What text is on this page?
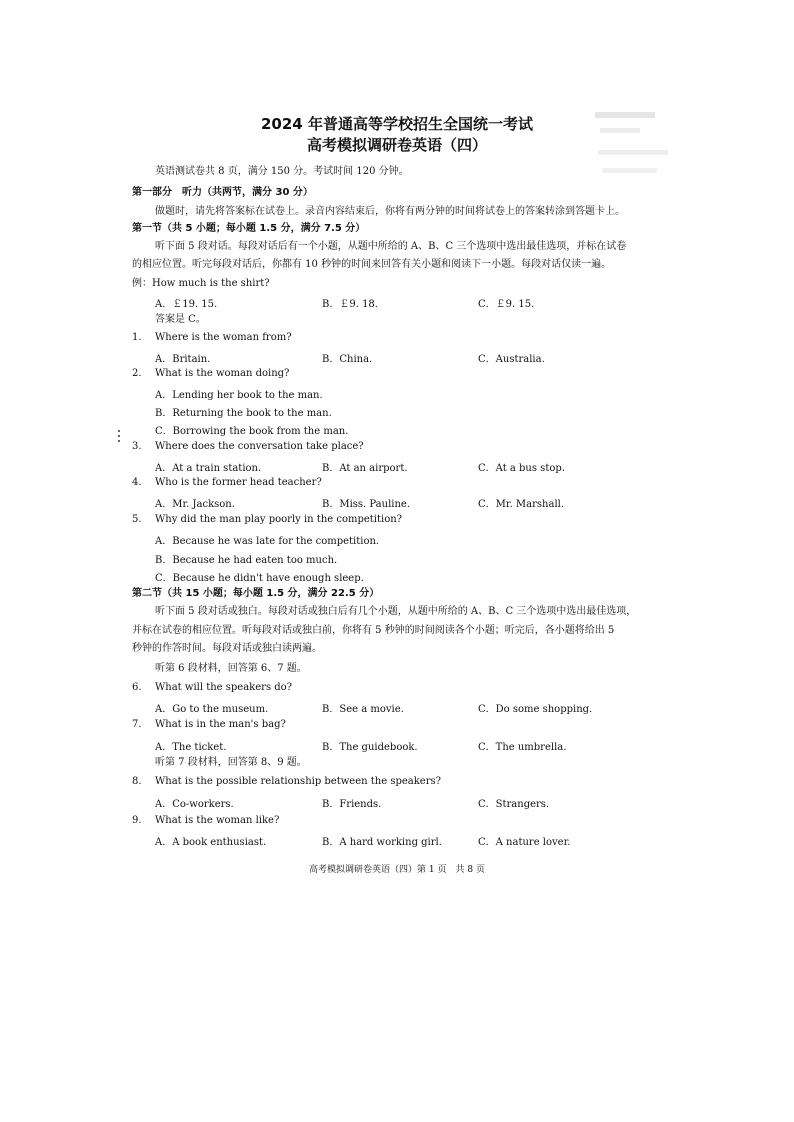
2024 年普通高等学校招生全国统一考试
高考模拟调研卷英语（四）
英语测试卷共 8 页，满分 150 分。考试时间 120 分钟。
第一部分　听力（共两节，满分 30 分）
做题时，请先将答案标在试卷上。录音内容结束后，你将有两分钟的时间将试卷上的答案转涂到答题卡上。
第一节（共 5 小题；每小题 1.5 分，满分 7.5 分）
听下面 5 段对话。每段对话后有一个小题，从题中所给的 A、B、C 三个选项中选出最佳选项，并标在试卷
的相应位置。听完每段对话后，你都有 10 秒钟的时间来回答有关小题和阅读下一小题。每段对话仅读一遍。
例：How much is the shirt?
A．￡19. 15.	B．￡9. 18.	C．￡9. 15.
答案是 C。
1. Where is the woman from?
A．Britain.	B．China.	C．Australia.
2. What is the woman doing?
A．Lending her book to the man.
B．Returning the book to the man.
C．Borrowing the book from the man.
3. Where does the conversation take place?
A．At a train station.	B．At an airport.	C．At a bus stop.
4. Who is the former head teacher?
A．Mr. Jackson.	B．Miss. Pauline.	C．Mr. Marshall.
5. Why did the man play poorly in the competition?
A．Because he was late for the competition.
B．Because he had eaten too much.
C．Because he didn't have enough sleep.
第二节（共 15 小题；每小题 1.5 分，满分 22.5 分）
听下面 5 段对话或独白。每段对话或独白后有几个小题，从题中所给的 A、B、C 三个选项中选出最佳选项，
并标在试卷的相应位置。听每段对话或独白前，你将有 5 秒钟的时间阅读各个小题；听完后，各小题将给出 5
秒钟的作答时间。每段对话或独白读两遍。
听第 6 段材料，回答第 6、7 题。
6. What will the speakers do?
A．Go to the museum.	B．See a movie.	C．Do some shopping.
7. What is in the man's bag?
A．The ticket.	B．The guidebook.	C．The umbrella.
听第 7 段材料，回答第 8、9 题。
8. What is the possible relationship between the speakers?
A．Co-workers.	B．Friends.	C．Strangers.
9. What is the woman like?
A．A book enthusiast.	B．A hard working girl.	C．A nature lover.
高考模拟调研卷英语（四）第 1 页　共 8 页
